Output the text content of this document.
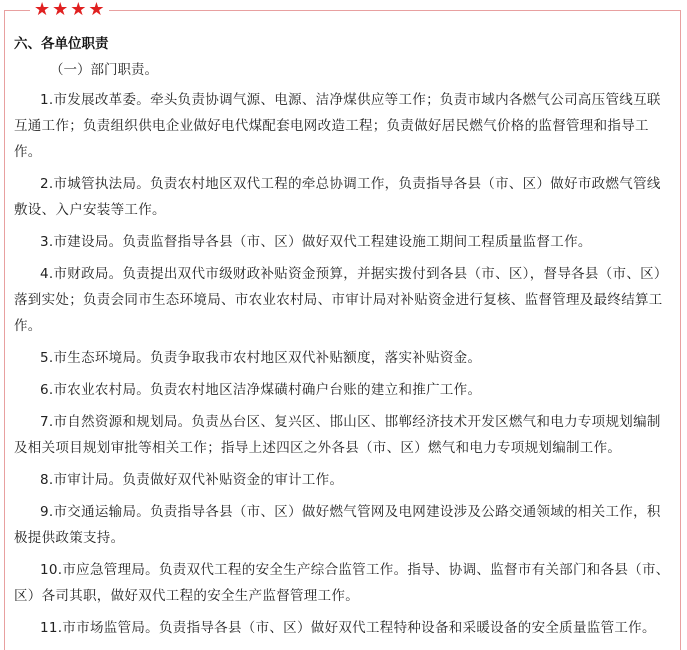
★ ★ ★ ★
六、各单位职责
（一）部门职责。

1.市发展改革委。牵头负责协调气源、电源、洁净煤供应等工作；负责市域内各燃气公司高压管线互联互通工作；负责组织供电企业做好电代煤配套电网改造工程；负责做好居民燃气价格的监督管理和指导工作。

2.市城管执法局。负责农村地区双代工程的牵总协调工作，负责指导各县（市、区）做好市政燃气管线敷设、入户安装等工作。

3.市建设局。负责监督指导各县（市、区）做好双代工程建设施工期间工程质量监督工作。

4.市财政局。负责提出双代市级财政补贴资金预算，并据实拨付到各县（市、区），督导各县（市、区）落到实处；负责会同市生态环境局、市农业农村局、市审计局对补贴资金进行复核、监督管理及最终结算工作。

5.市生态环境局。负责争取我市农村地区双代补贴额度，落实补贴资金。

6.市农业农村局。负责农村地区洁净煤磺村确户台账的建立和推广工作。

7.市自然资源和规划局。负责丛台区、复兴区、邯山区、邯郸经济技术开发区燃气和电力专项规划编制及相关项目规划审批等相关工作；指导上述四区之外各县（市、区）燃气和电力专项规划编制工作。

8.市审计局。负责做好双代补贴资金的审计工作。

9.市交通运输局。负责指导各县（市、区）做好燃气管网及电网建设涉及公路交通领域的相关工作，积极提供政策支持。

10.市应急管理局。负责双代工程的安全生产综合监管工作。指导、协调、监督市有关部门和各县（市、区）各司其职，做好双代工程的安全生产监督管理工作。

11.市市场监管局。负责指导各县（市、区）做好双代工程特种设备和采暖设备的安全质量监管工作。
